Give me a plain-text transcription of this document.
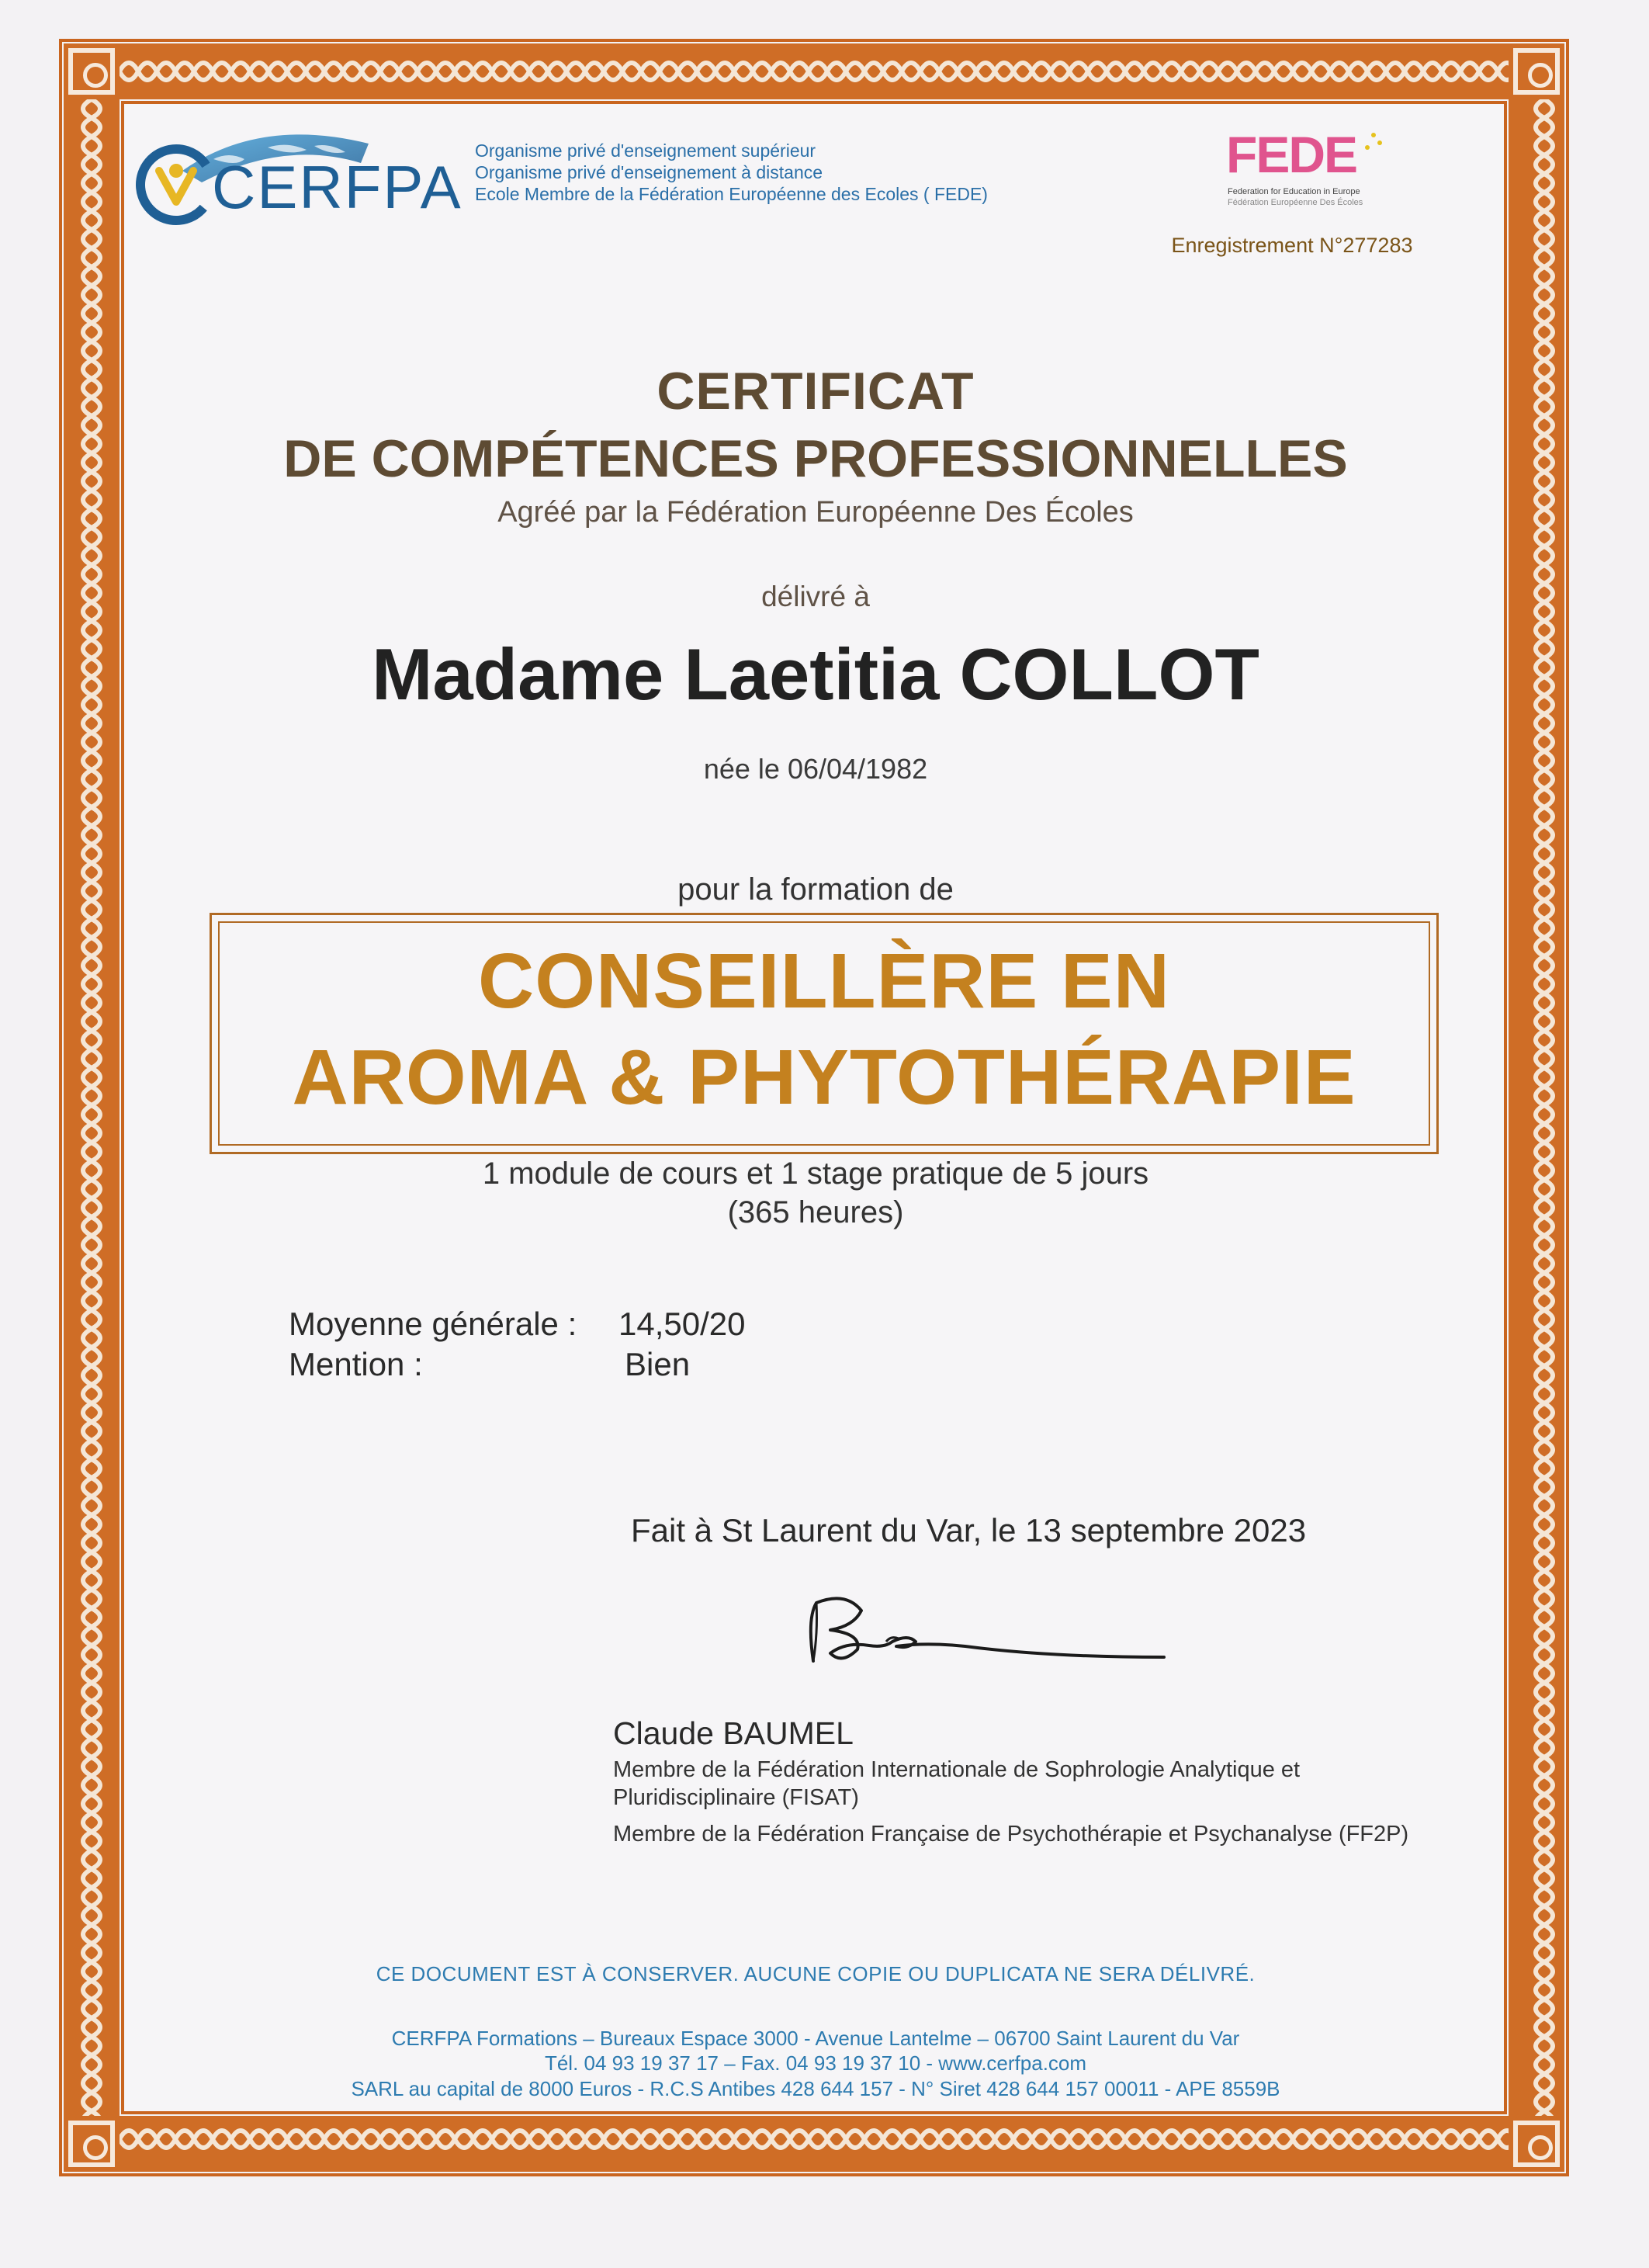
CERFPA
Organisme privé d'enseignement supérieur
Organisme privé d'enseignement à distance
Ecole Membre de la Fédération Européenne des Ecoles ( FEDE)
FEDE
Federation for Education in Europe
Fédération Européenne Des Écoles
Enregistrement N°277283
CERTIFICAT
DE COMPÉTENCES PROFESSIONNELLES
Agréé par la Fédération Européenne Des Écoles
délivré à
Madame Laetitia COLLOT
née le 06/04/1982
pour la formation de
CONSEILLÈRE EN
AROMA & PHYTOTHÉRAPIE
1 module de cours et 1 stage pratique de 5 jours
(365 heures)
Moyenne générale : 14,50/20
Mention :	Bien
Fait à St Laurent du Var, le 13 septembre 2023
Claude BAUMEL
Membre de la Fédération Internationale de Sophrologie Analytique et
Pluridisciplinaire (FISAT)
Membre de la Fédération Française de Psychothérapie et Psychanalyse (FF2P)
CE DOCUMENT EST À CONSERVER. AUCUNE COPIE OU DUPLICATA NE SERA DÉLIVRÉ.
CERFPA Formations – Bureaux Espace 3000 - Avenue Lantelme – 06700 Saint Laurent du Var
Tél. 04 93 19 37 17 – Fax. 04 93 19 37 10 - www.cerfpa.com
SARL au capital de 8000 Euros - R.C.S Antibes 428 644 157 - N° Siret 428 644 157 00011 - APE 8559B
